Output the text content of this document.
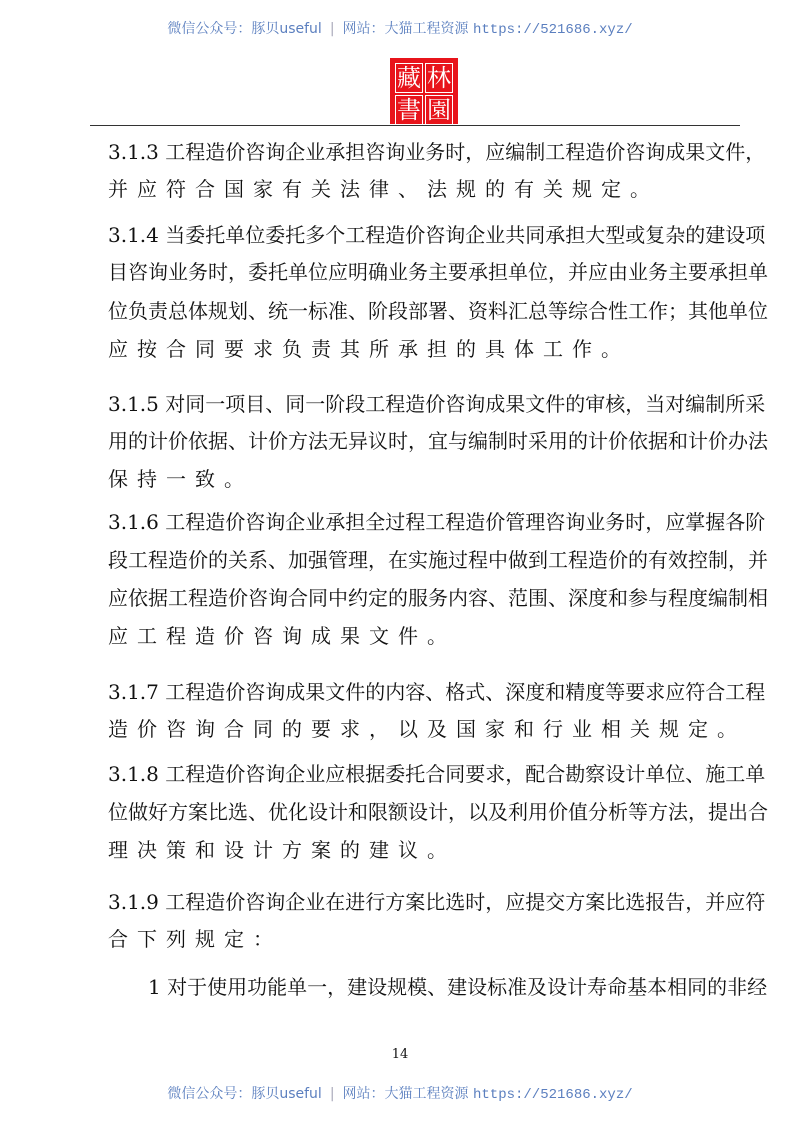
微信公众号：豚贝useful | 网站：大猫工程资源 https://521686.xyz/
藏 林
書 園
3.1.3 工程造价咨询企业承担咨询业务时，应编制工程造价咨询成果文件，
并应符合国家有关法律、法规的有关规定。
3.1.4 当委托单位委托多个工程造价咨询企业共同承担大型或复杂的建设项
目咨询业务时，委托单位应明确业务主要承担单位，并应由业务主要承担单
位负责总体规划、统一标准、阶段部署、资料汇总等综合性工作；其他单位
应按合同要求负责其所承担的具体工作。
3.1.5 对同一项目、同一阶段工程造价咨询成果文件的审核，当对编制所采
用的计价依据、计价方法无异议时，宜与编制时采用的计价依据和计价办法
保持一致。
3.1.6 工程造价咨询企业承担全过程工程造价管理咨询业务时，应掌握各阶
段工程造价的关系、加强管理，在实施过程中做到工程造价的有效控制，并
应依据工程造价咨询合同中约定的服务内容、范围、深度和参与程度编制相
应工程造价咨询成果文件。
3.1.7 工程造价咨询成果文件的内容、格式、深度和精度等要求应符合工程
造价咨询合同的要求，以及国家和行业相关规定。
3.1.8 工程造价咨询企业应根据委托合同要求，配合勘察设计单位、施工单
位做好方案比选、优化设计和限额设计，以及利用价值分析等方法，提出合
理决策和设计方案的建议。
3.1.9 工程造价咨询企业在进行方案比选时，应提交方案比选报告，并应符
合下列规定：
1 对于使用功能单一，建设规模、建设标准及设计寿命基本相同的非经
14
微信公众号：豚贝useful | 网站：大猫工程资源 https://521686.xyz/
